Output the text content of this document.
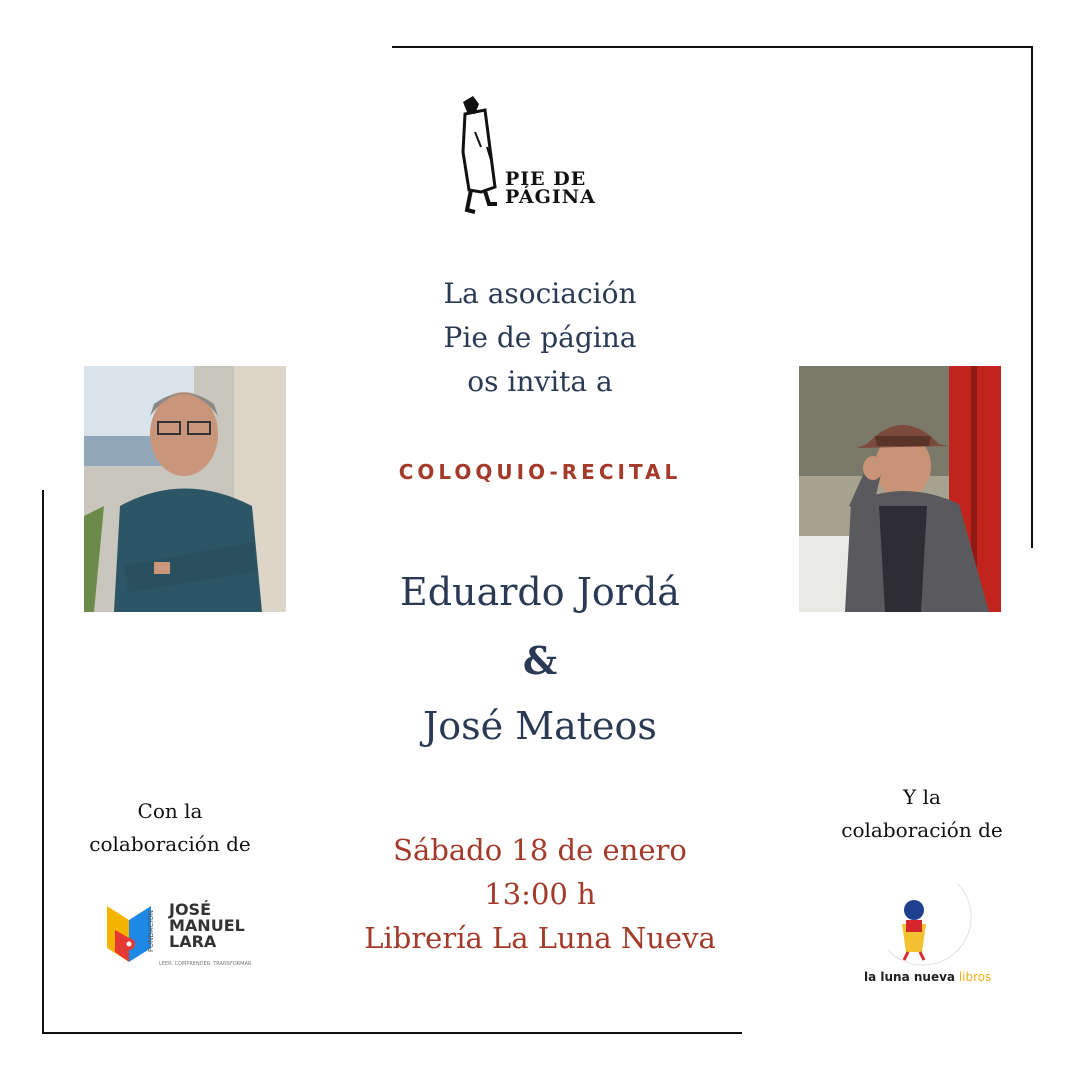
PIE DE
PÁGINA
La asociación
Pie de página
os invita a
COLOQUIO-RECITAL
Eduardo Jordá
&
José Mateos
Con la
colaboración de
Y la
colaboración de
Sábado 18 de enero
13:00 h
Librería La Luna Nueva
FUNDACIÓN
JOSÉ
MANUEL
LARA
LEER. COMPRENDER. TRANSFORMAR.
la luna nueva libros
